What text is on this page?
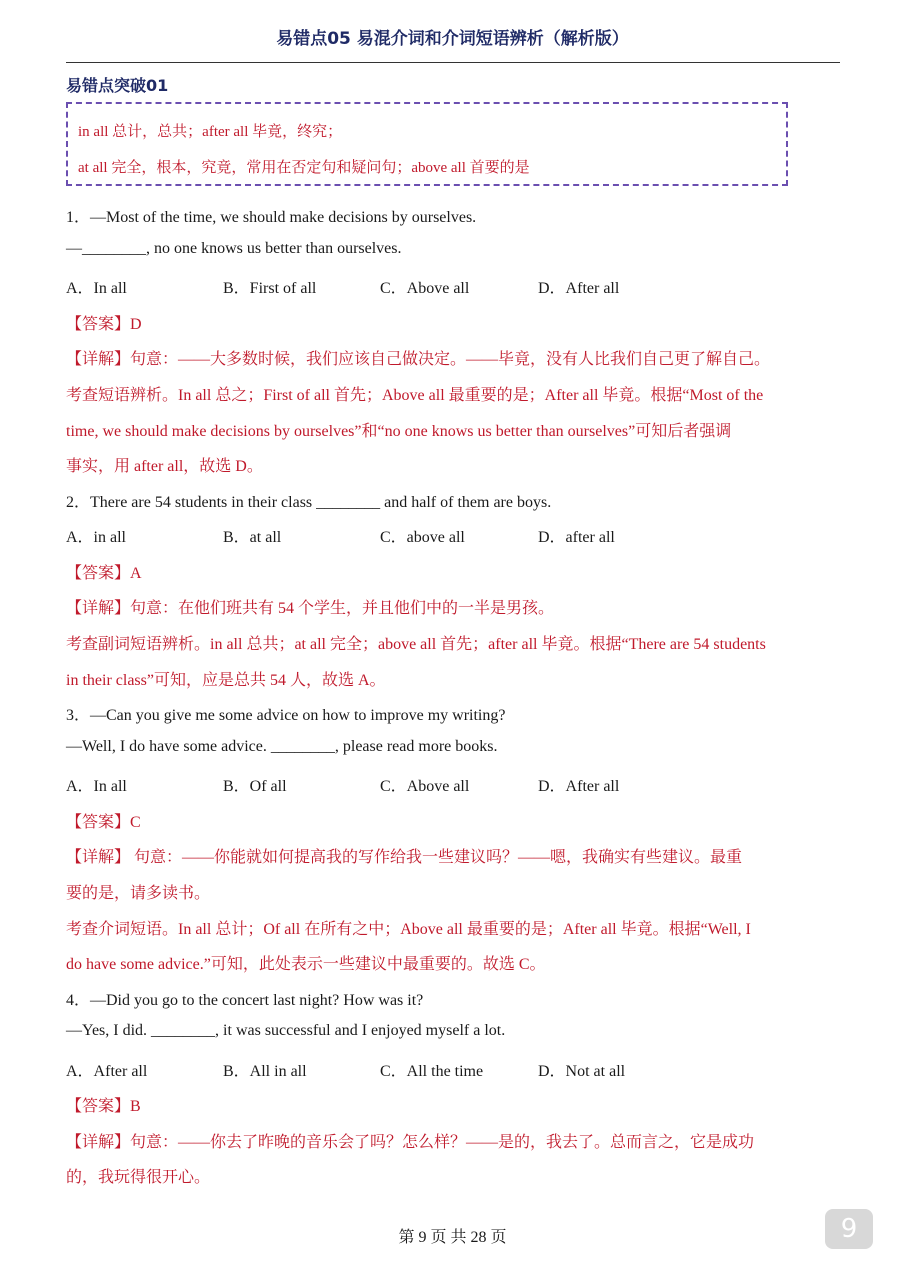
易错点05 易混介词和介词短语辨析（解析版）
易错点突破01
in all 总计，总共；after all 毕竟，终究；
at all 完全，根本，究竟，常用在否定句和疑问句；above all 首要的是
1．—Most of the time, we should make decisions by ourselves.
—________, no one knows us better than ourselves.
A．In all	B．First of all	C．Above all	D．After all
【答案】D
【详解】句意：——大多数时候，我们应该自己做决定。——毕竟，没有人比我们自己更了解自己。
考查短语辨析。In all 总之；First of all 首先；Above all 最重要的是；After all 毕竟。根据“Most of the
time, we should make decisions by ourselves”和“no one knows us better than ourselves”可知后者强调
事实，用 after all，故选 D。
2．There are 54 students in their class ________ and half of them are boys.
A．in all	B．at all	C．above all	D．after all
【答案】A
【详解】句意：在他们班共有 54 个学生，并且他们中的一半是男孩。
考查副词短语辨析。in all 总共；at all 完全；above all 首先；after all 毕竟。根据“There are 54 students
in their class”可知，应是总共 54 人，故选 A。
3．—Can you give me some advice on how to improve my writing?
—Well, I do have some advice. ________, please read more books.
A．In all	B．Of all	C．Above all	D．After all
【答案】C
【详解】 句意：——你能就如何提高我的写作给我一些建议吗？——嗯，我确实有些建议。最重
要的是，请多读书。
考查介词短语。In all 总计；Of all 在所有之中；Above all 最重要的是；After all 毕竟。根据“Well, I
do have some advice.”可知，此处表示一些建议中最重要的。故选 C。
4．—Did you go to the concert last night? How was it?
—Yes, I did. ________, it was successful and I enjoyed myself a lot.
A．After all	B．All in all	C．All the time	D．Not at all
【答案】B
【详解】句意：——你去了昨晚的音乐会了吗？怎么样？——是的，我去了。总而言之，它是成功
的，我玩得很开心。
第 9 页 共 28 页	9
